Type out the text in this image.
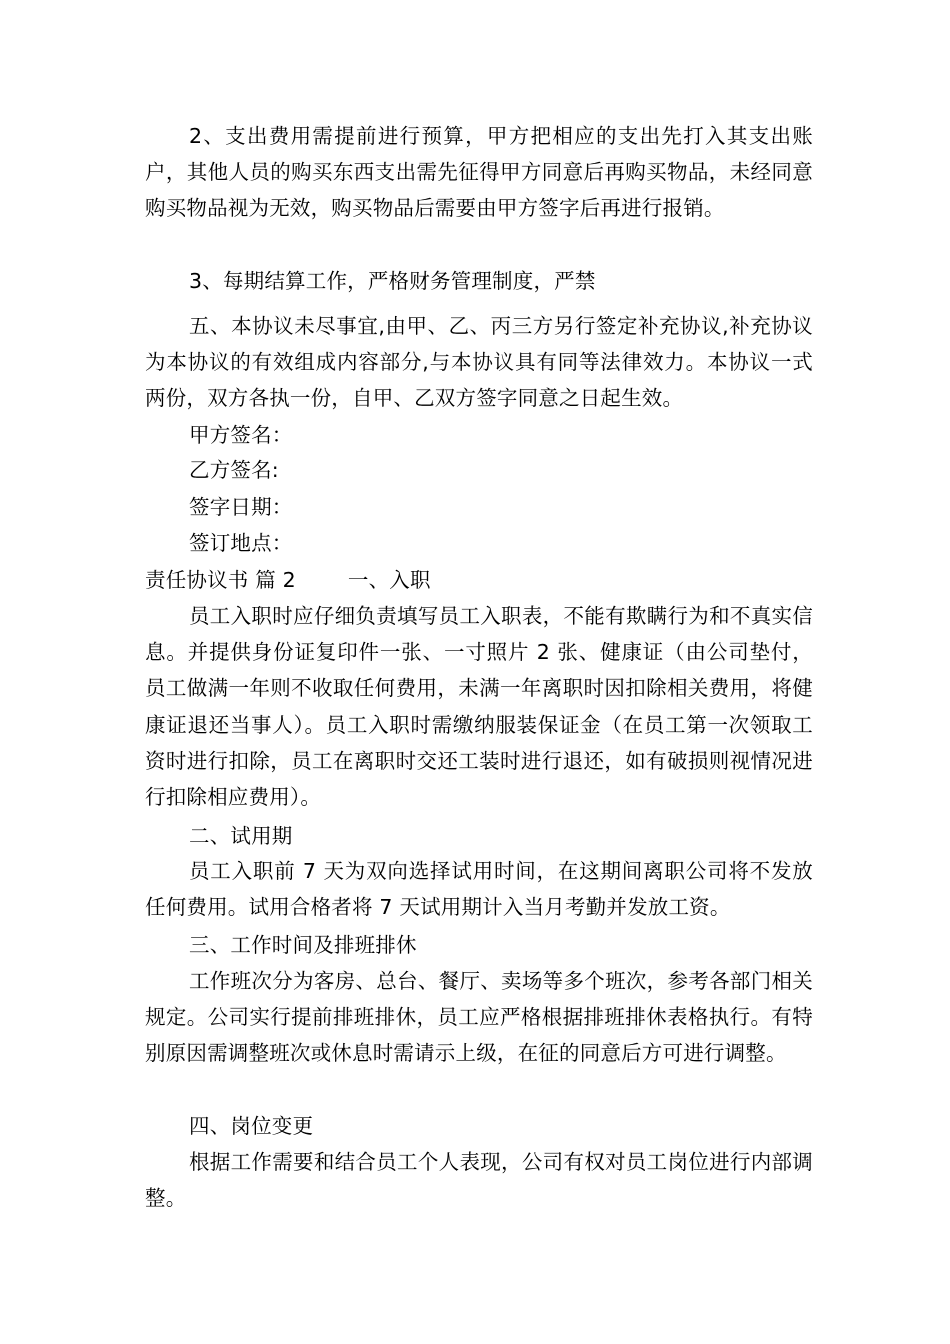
2、支出费用需提前进行预算，甲方把相应的支出先打入其支出账户，其他人员的购买东西支出需先征得甲方同意后再购买物品，未经同意购买物品视为无效，购买物品后需要由甲方签字后再进行报销。

3、每期结算工作，严格财务管理制度，严禁

五、本协议未尽事宜,由甲、乙、丙三方另行签定补充协议,补充协议为本协议的有效组成内容部分,与本协议具有同等法律效力。本协议一式两份，双方各执一份，自甲、乙双方签字同意之日起生效。

甲方签名：

乙方签名:

签字日期：

签订地点：

责任协议书 篇 2	一、入职

员工入职时应仔细负责填写员工入职表，不能有欺瞒行为和不真实信息。并提供身份证复印件一张、一寸照片 2 张、健康证（由公司垫付，员工做满一年则不收取任何费用，未满一年离职时因扣除相关费用，将健康证退还当事人）。员工入职时需缴纳服装保证金（在员工第一次领取工资时进行扣除，员工在离职时交还工装时进行退还，如有破损则视情况进行扣除相应费用）。

二、试用期

员工入职前 7 天为双向选择试用时间，在这期间离职公司将不发放任何费用。试用合格者将 7 天试用期计入当月考勤并发放工资。

三、工作时间及排班排休

工作班次分为客房、总台、餐厅、卖场等多个班次，参考各部门相关规定。公司实行提前排班排休，员工应严格根据排班排休表格执行。有特别原因需调整班次或休息时需请示上级，在征的同意后方可进行调整。

四、岗位变更

根据工作需要和结合员工个人表现，公司有权对员工岗位进行内部调整。
